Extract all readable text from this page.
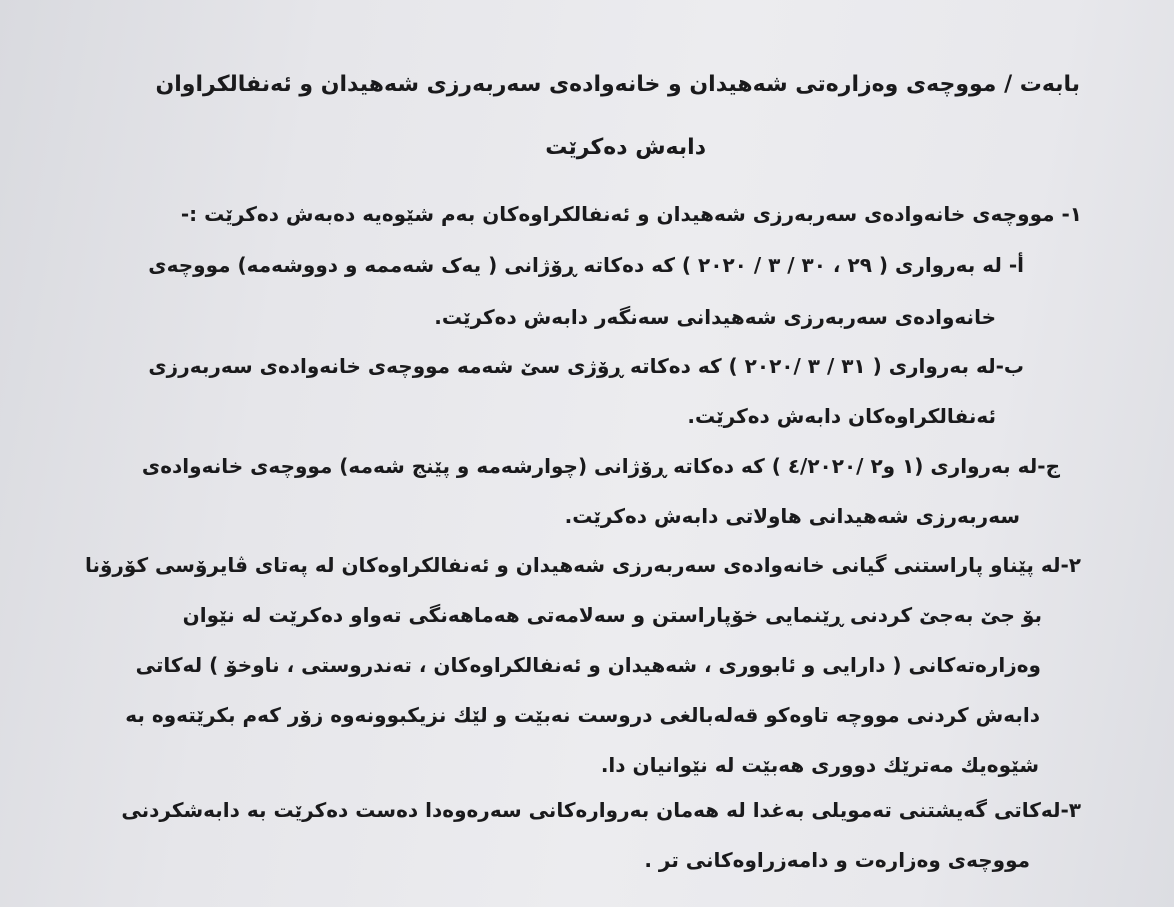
بابەت / مووچەی وەزارەتی شەهیدان و خانەوادەی سەربەرزی شەهیدان و ئەنفالکراوان
دابەش دەکرێت
١- مووچەی خانەوادەی سەربەرزی شەهیدان و ئەنفالکراوەکان بەم شێوەیە دەبەش دەکرێت :-
أ- لە بەرواری ( ٢٩ ، ٣٠ / ٣ / ٢٠٢٠ ) کە دەکاتە ڕۆژانی ( یەک شەممە و دووشەمە) مووچەی
خانەوادەی سەربەرزی شەهیدانی سەنگەر دابەش دەکرێت.
ب-لە بەرواری ( ٣١ / ٣ /٢٠٢٠ ) کە دەکاتە ڕۆژی سێ شەمە مووچەی خانەوادەی سەربەرزی
ئەنفالکراوەکان دابەش دەکرێت.
ج-لە بەرواری (١ و٢ /٤/٢٠٢٠ ) کە دەکاتە ڕۆژانی (چوارشەمە و پێنج شەمە) مووچەی خانەوادەی
سەربەرزی شەهیدانی هاولاتی دابەش دەکرێت.
٢-لە پێناو پاراستنی گیانی خانەوادەی سەربەرزی شەهیدان و ئەنفالکراوەکان لە پەتای ڤایرۆسی کۆرۆنا
بۆ جێ بەجێ کردنی ڕێنمایی خۆپاراستن و سەلامەتی هەماهەنگی تەواو دەکرێت لە نێوان
وەزارەتەکانی ( دارایی و ئابووری ، شەهیدان و ئەنفالکراوەکان ، تەندروستی ، ناوخۆ ) لەکاتی
دابەش کردنی مووچە تاوەکو قەلەبالغی دروست نەبێت و لێك نزیکبوونەوە زۆر کەم بکرێتەوە بە
شێوەیك مەترێك دووری هەبێت لە نێوانیان دا.
٣-لەکاتی گەیشتنی تەمویلی بەغدا لە هەمان بەروارەکانی سەرەوەدا دەست دەکرێت بە دابەشکردنی
مووچەی وەزارەت و دامەزراوەکانی تر .
